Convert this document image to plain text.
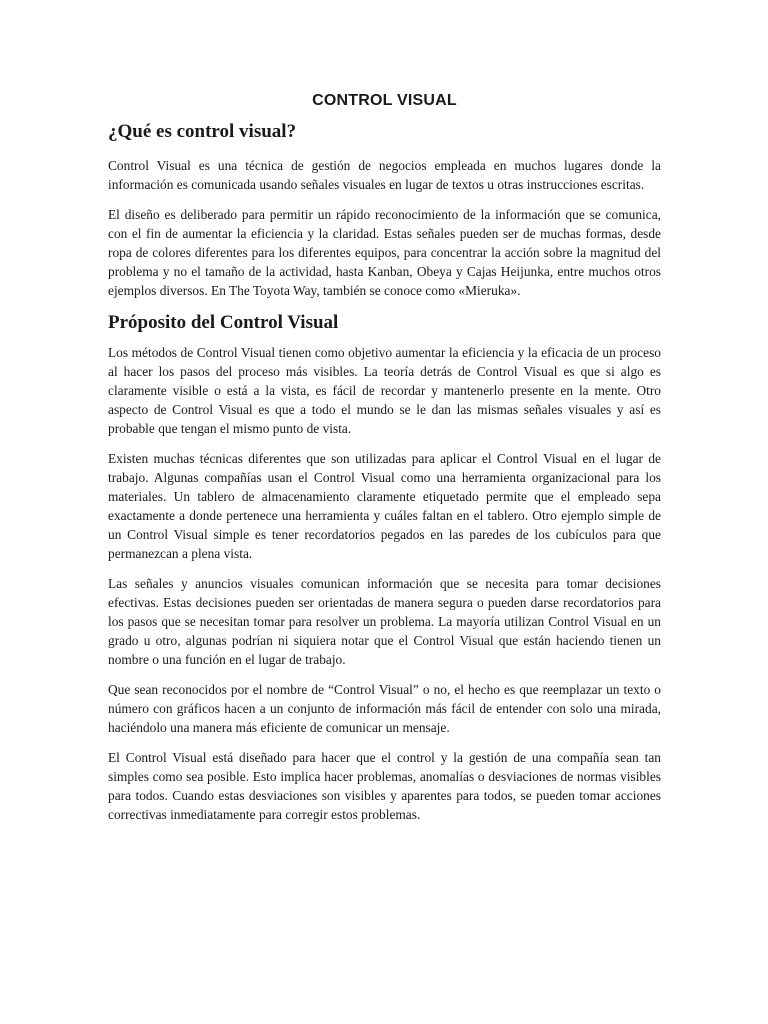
CONTROL VISUAL
¿Qué es control visual?

Control Visual es una técnica de gestión de negocios empleada en muchos lugares donde la información es comunicada usando señales visuales en lugar de textos u otras instrucciones escritas.

El diseño es deliberado para permitir un rápido reconocimiento de la información que se comunica, con el fin de aumentar la eficiencia y la claridad. Estas señales pueden ser de muchas formas, desde ropa de colores diferentes para los diferentes equipos, para concentrar la acción sobre la magnitud del problema y no el tamaño de la actividad, hasta Kanban, Obeya y Cajas Heijunka, entre muchos otros ejemplos diversos. En The Toyota Way, también se conoce como «Mieruka».

Próposito del Control Visual

Los métodos de Control Visual tienen como objetivo aumentar la eficiencia y la eficacia de un proceso al hacer los pasos del proceso más visibles. La teoría detrás de Control Visual es que si algo es claramente visible o está a la vista, es fácil de recordar y mantenerlo presente en la mente. Otro aspecto de Control Visual es que a todo el mundo se le dan las mismas señales visuales y así es probable que tengan el mismo punto de vista.

Existen muchas técnicas diferentes que son utilizadas para aplicar el Control Visual en el lugar de trabajo. Algunas compañías usan el Control Visual como una herramienta organizacional para los materiales. Un tablero de almacenamiento claramente etiquetado permite que el empleado sepa exactamente a donde pertenece una herramienta y cuáles faltan en el tablero. Otro ejemplo simple de un Control Visual simple es tener recordatorios pegados en las paredes de los cubículos para que permanezcan a plena vista.

Las señales y anuncios visuales comunican información que se necesita para tomar decisiones efectivas. Estas decisiones pueden ser orientadas de manera segura o pueden darse recordatorios para los pasos que se necesitan tomar para resolver un problema. La mayoría utilizan Control Visual en un grado u otro, algunas podrían ni siquiera notar que el Control Visual que están haciendo tienen un nombre o una función en el lugar de trabajo.

Que sean reconocidos por el nombre de “Control Visual” o no, el hecho es que reemplazar un texto o número con gráficos hacen a un conjunto de información más fácil de entender con solo una mirada, haciéndolo una manera más eficiente de comunicar un mensaje.

El Control Visual está diseñado para hacer que el control y la gestión de una compañía sean tan simples como sea posible. Esto implica hacer problemas, anomalías o desviaciones de normas visibles para todos. Cuando estas desviaciones son visibles y aparentes para todos, se pueden tomar acciones correctivas inmediatamente para corregir estos problemas.
